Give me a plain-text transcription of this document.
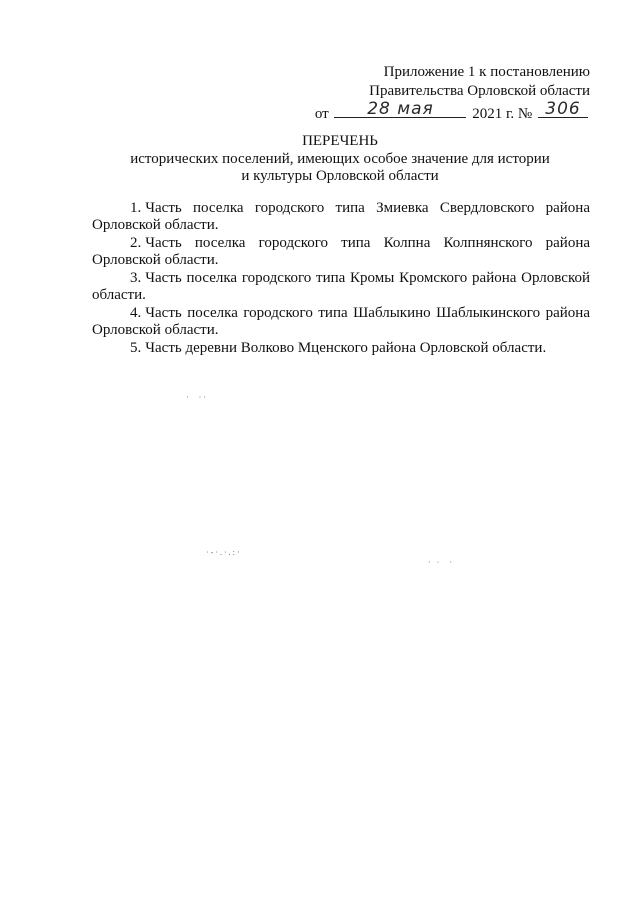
Приложение 1 к постановлению
Правительства Орловской области
от	28 мая	2021 г. № 306
ПЕРЕЧЕНЬ
исторических поселений, имеющих особое значение для истории
и культуры Орловской области

1. Часть поселка городского типа Змиевка Свердловского района Орловской области.

2. Часть поселка городского типа Колпна Колпнянского района Орловской области.

3. Часть поселка городского типа Кромы Кромского района Орловской области.

4. Часть поселка городского типа Шаблыкино Шаблыкинского района Орловской области.

5. Часть деревни Волково Мценского района Орловской области.

·  ··
·-·.·.:·
· ·  ·
